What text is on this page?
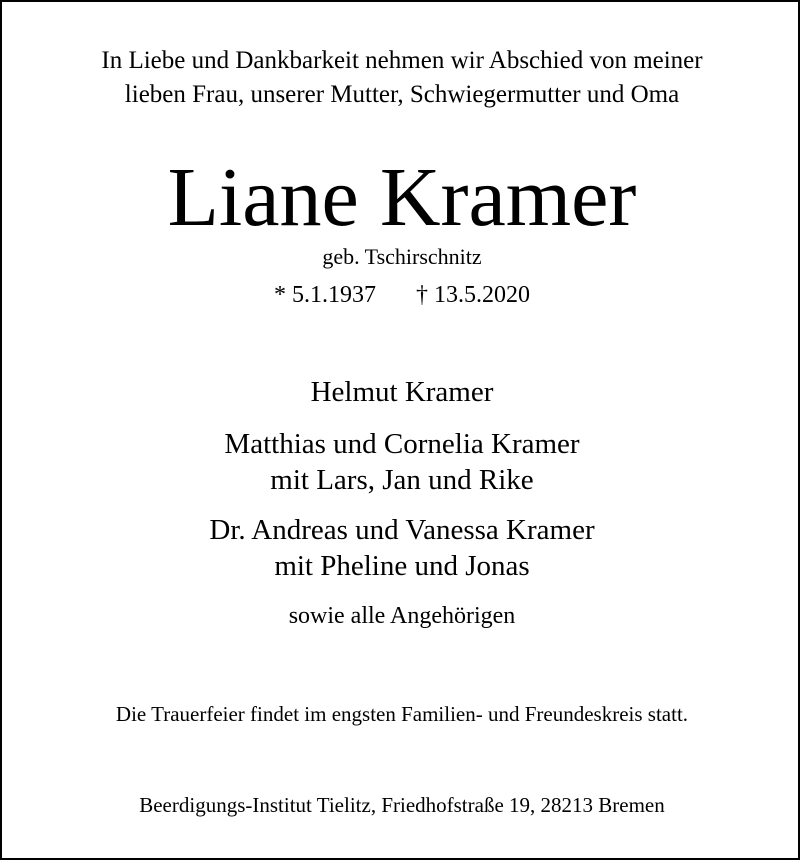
In Liebe und Dankbarkeit nehmen wir Abschied von meiner
lieben Frau, unserer Mutter, Schwiegermutter und Oma
Liane Kramer
geb. Tschirschnitz
* 5.1.1937 † 13.5.2020
Helmut Kramer
Matthias und Cornelia Kramer
mit Lars, Jan und Rike
Dr. Andreas und Vanessa Kramer
mit Pheline und Jonas
sowie alle Angehörigen
Die Trauerfeier findet im engsten Familien- und Freundeskreis statt.
Beerdigungs-Institut Tielitz, Friedhofstraße 19, 28213 Bremen
